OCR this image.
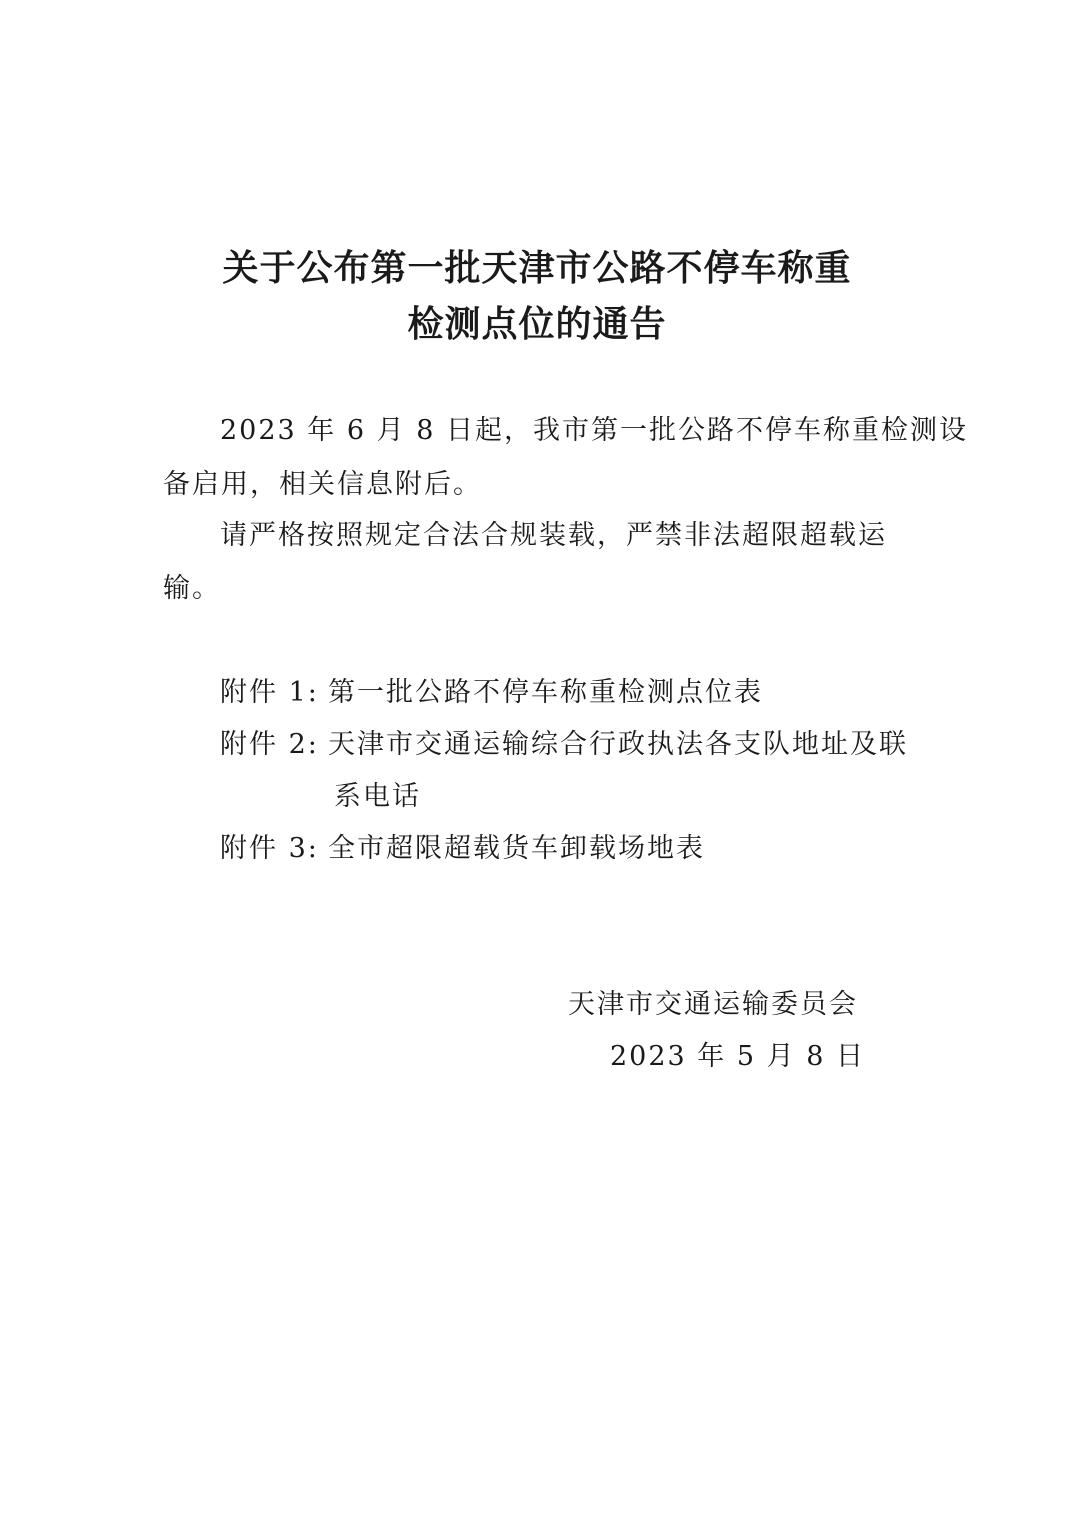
关于公布第一批天津市公路不停车称重
检测点位的通告

2023 年 6 月 8 日起，我市第一批公路不停车称重检测设

备启用，相关信息附后。

请严格按照规定合法合规装载，严禁非法超限超载运

输。

附件 1: 第一批公路不停车称重检测点位表
附件 2: 天津市交通运输综合行政执法各支队地址及联
系电话
附件 3: 全市超限超载货车卸载场地表
天津市交通运输委员会
2023 年 5 月 8 日
